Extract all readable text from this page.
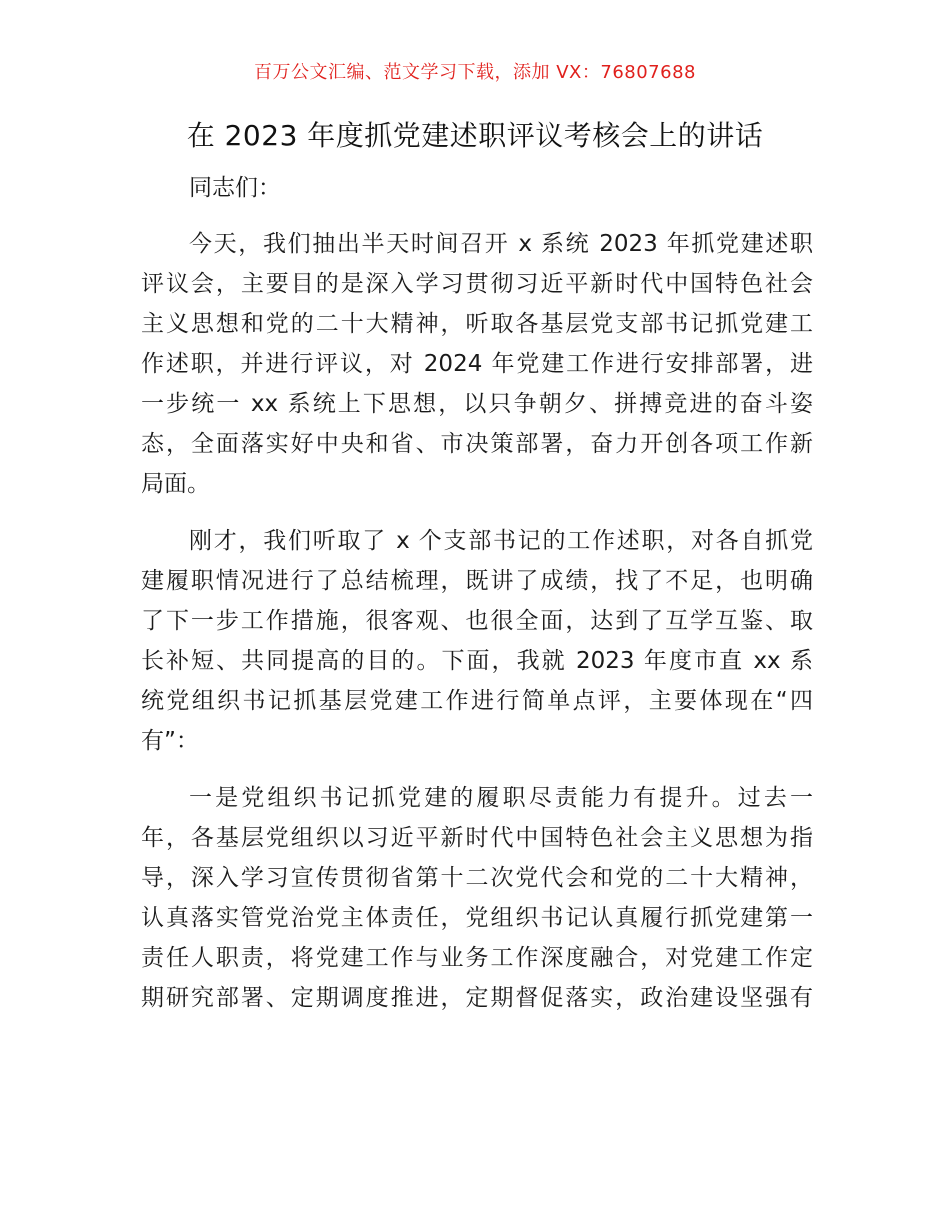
百万公文汇编、范文学习下载，添加 VX：76807688
在 2023 年度抓党建述职评议考核会上的讲话
同志们：
今天，我们抽出半天时间召开 x 系统 2023 年抓党建述职
评议会，主要目的是深入学习贯彻习近平新时代中国特色社会
主义思想和党的二十大精神，听取各基层党支部书记抓党建工
作述职，并进行评议，对 2024 年党建工作进行安排部署，进
一步统一 xx 系统上下思想，以只争朝夕、拼搏竞进的奋斗姿
态，全面落实好中央和省、市决策部署，奋力开创各项工作新
局面。
刚才，我们听取了 x 个支部书记的工作述职，对各自抓党
建履职情况进行了总结梳理，既讲了成绩，找了不足，也明确
了下一步工作措施，很客观、也很全面，达到了互学互鉴、取
长补短、共同提高的目的。下面，我就 2023 年度市直 xx 系
统党组织书记抓基层党建工作进行简单点评，主要体现在“四
有”：
一是党组织书记抓党建的履职尽责能力有提升。过去一
年，各基层党组织以习近平新时代中国特色社会主义思想为指
导，深入学习宣传贯彻省第十二次党代会和党的二十大精神，
认真落实管党治党主体责任，党组织书记认真履行抓党建第一
责任人职责，将党建工作与业务工作深度融合，对党建工作定
期研究部署、定期调度推进，定期督促落实，政治建设坚强有
